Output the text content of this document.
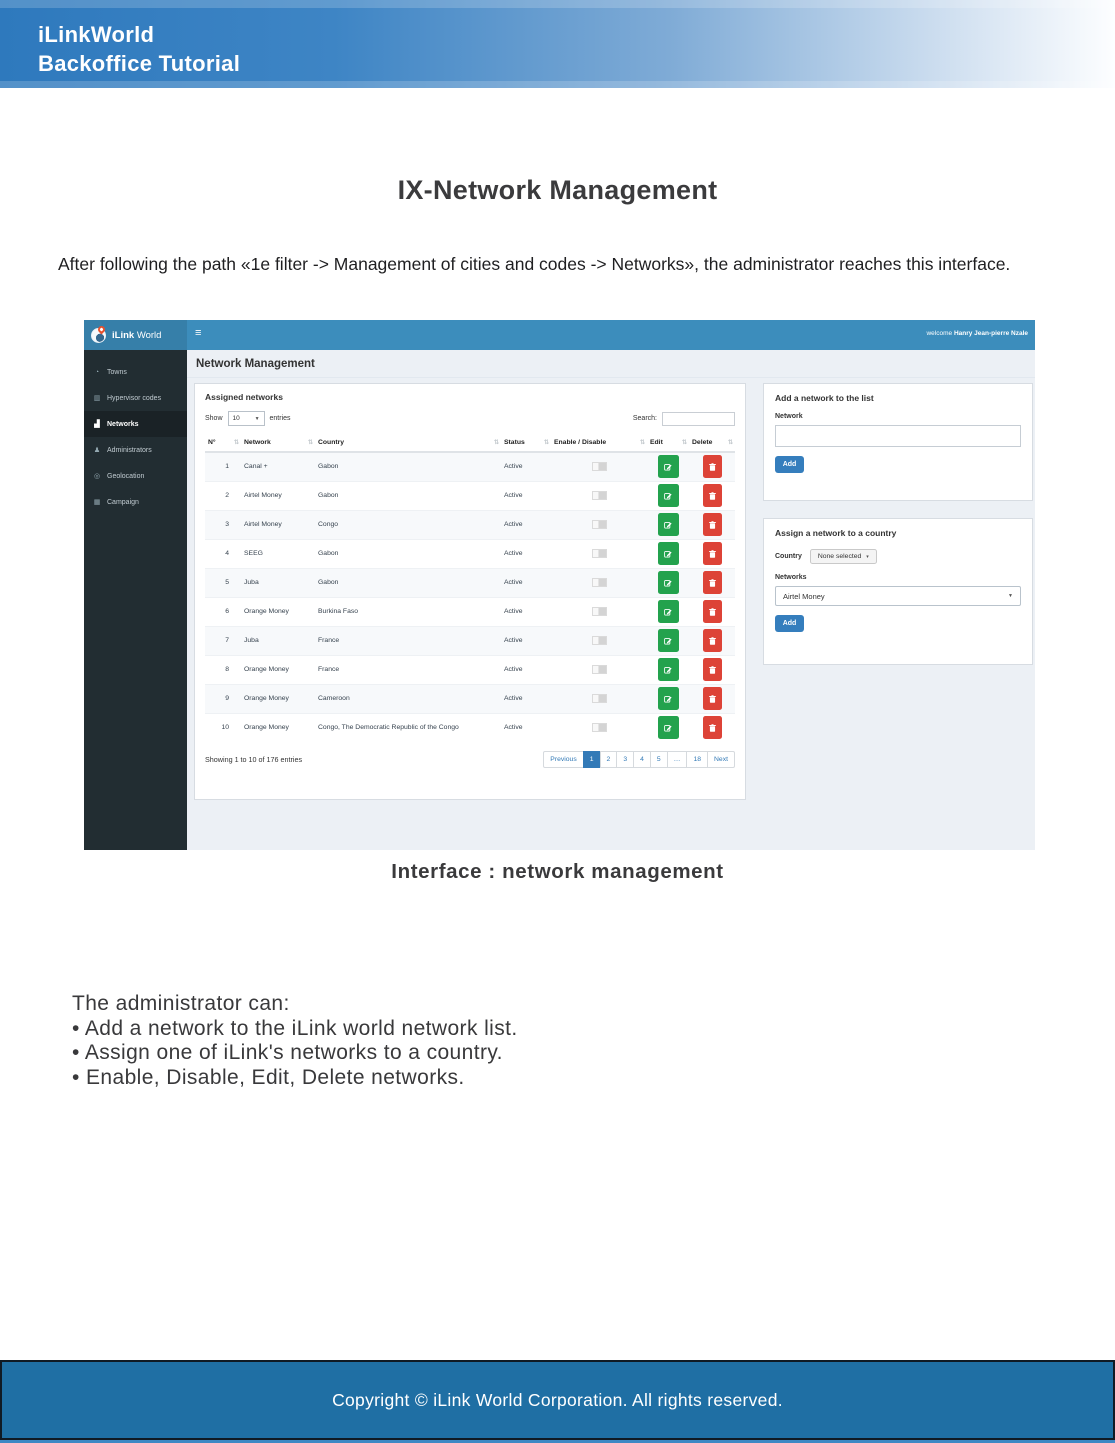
iLinkWorld
Backoffice Tutorial
IX-Network Management

After following the path «1e filter -> Management of cities and codes -> Networks», the administrator reaches this interface.

iLink World	≡	welcome Hanry Jean-pierre Nzale
◔ Towns
▥ Hypervisor codes
▟ Networks
♟ Administrators
◎ Geolocation
▦ Campaign
Network Management
Assigned networks
Show 10	▼ entries	Search:
N° ⇅	Network ⇅	Country ⇅	Status ⇅	Enable / Disable ⇅	Edit ⇅	Delete ⇅

1	Canal +	Gabon	Active	

2	Airtel Money	Gabon	Active	

3	Airtel Money	Congo	Active	

4	SEEG	Gabon	Active	

5	Juba	Gabon	Active	

6	Orange Money	Burkina Faso	Active	

7	Juba	France	Active	

8	Orange Money	France	Active	

9	Orange Money	Cameroon	Active	

10	Orange Money	Congo, The Democratic Republic of the Congo	Active	

Showing 1 to 10 of 176 entries	Previous	1	2	3	4	5	…	18	Next
Add a network to the list
Network
Add
Assign a network to a country
Country None selected ▾
Networks
Airtel Money	▼
Add
Interface : network management
The administrator can:
• Add a network to the iLink world network list.
• Assign one of iLink's networks to a country.
• Enable, Disable, Edit, Delete networks.
Copyright © iLink World Corporation. All rights reserved.
